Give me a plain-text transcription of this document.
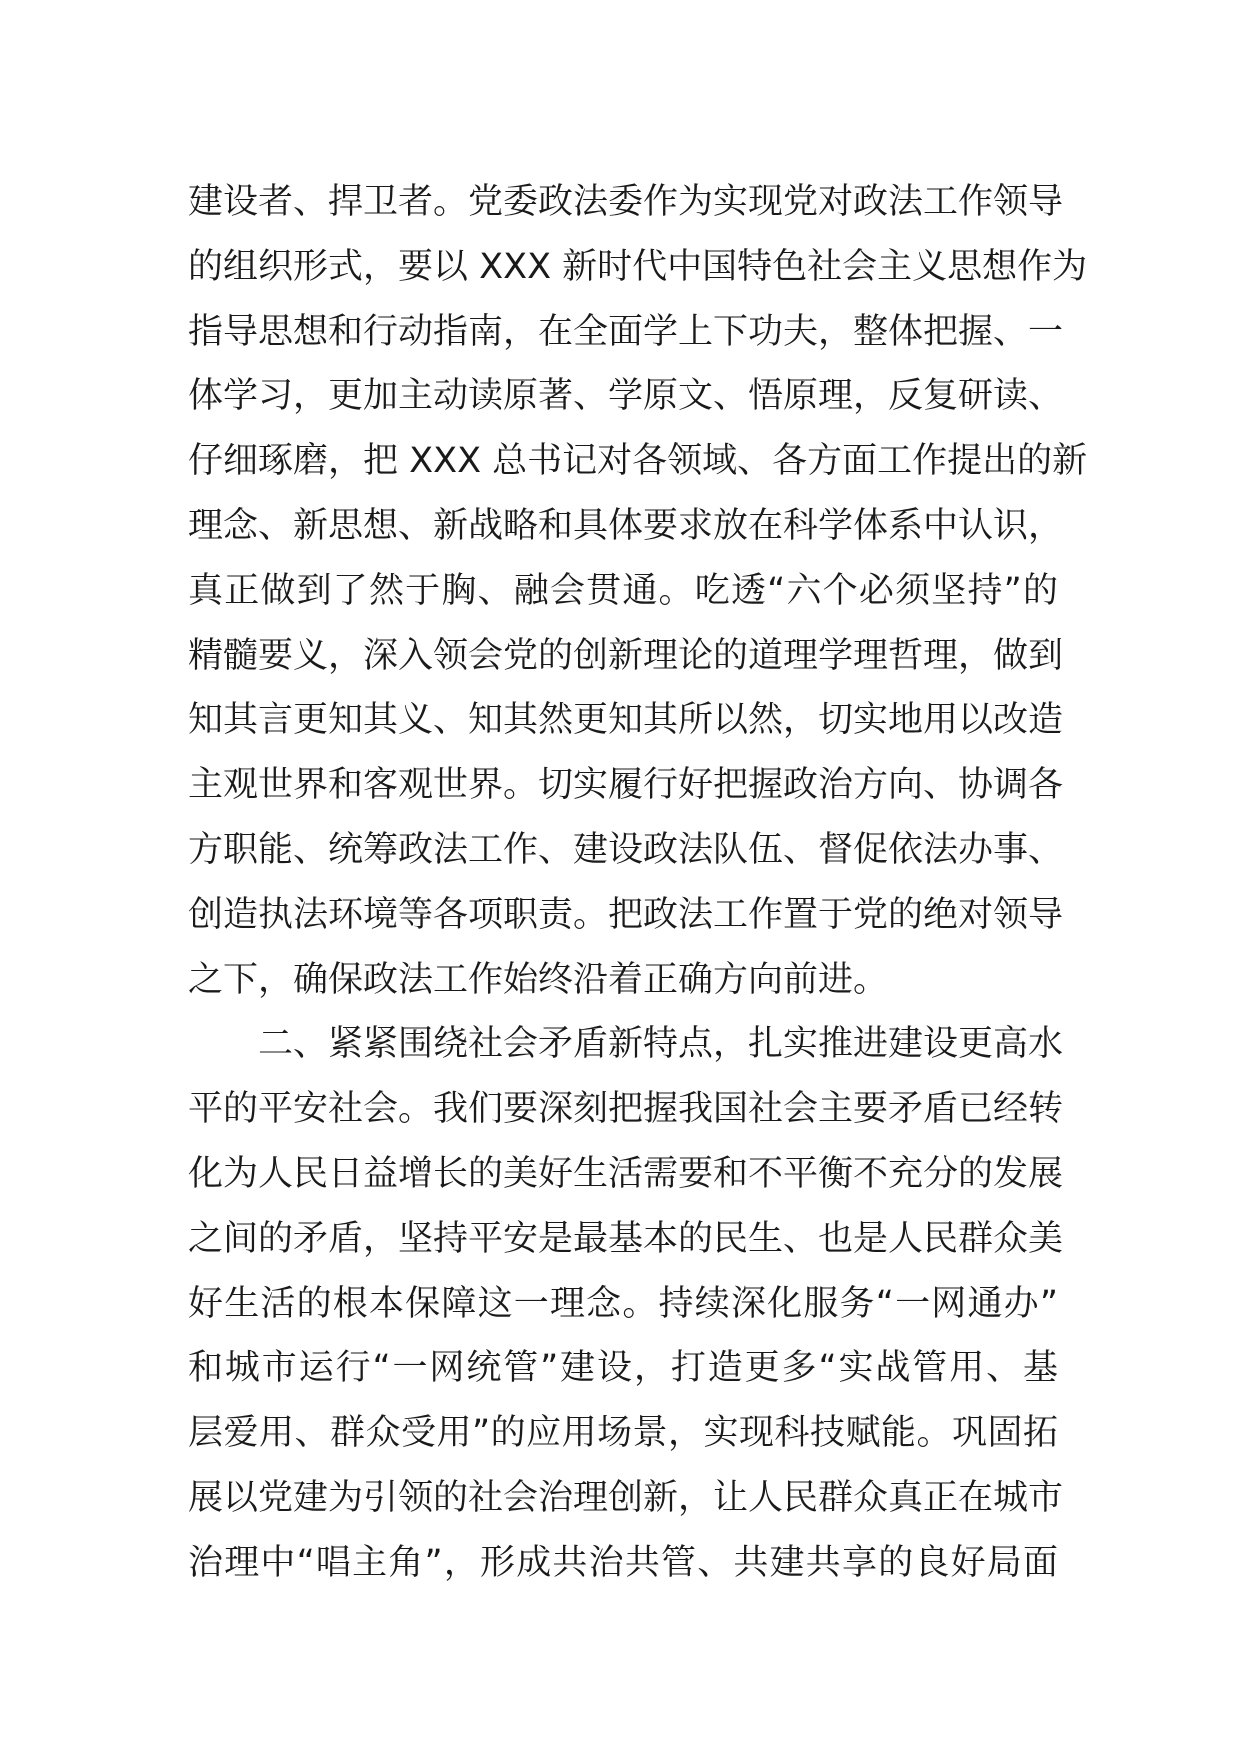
建设者、捍卫者。党委政法委作为实现党对政法工作领导
的组织形式，要以 XXX 新时代中国特色社会主义思想作为
指导思想和行动指南，在全面学上下功夫，整体把握、一
体学习，更加主动读原著、学原文、悟原理，反复研读、
仔细琢磨，把 XXX 总书记对各领域、各方面工作提出的新
理念、新思想、新战略和具体要求放在科学体系中认识，
真正做到了然于胸、融会贯通。吃透“六个必须坚持”的
精髓要义，深入领会党的创新理论的道理学理哲理，做到
知其言更知其义、知其然更知其所以然，切实地用以改造
主观世界和客观世界。切实履行好把握政治方向、协调各
方职能、统筹政法工作、建设政法队伍、督促依法办事、
创造执法环境等各项职责。把政法工作置于党的绝对领导
之下，确保政法工作始终沿着正确方向前进。
二、紧紧围绕社会矛盾新特点，扎实推进建设更高水
平的平安社会。我们要深刻把握我国社会主要矛盾已经转
化为人民日益增长的美好生活需要和不平衡不充分的发展
之间的矛盾，坚持平安是最基本的民生、也是人民群众美
好生活的根本保障这一理念。持续深化服务“一网通办”
和城市运行“一网统管”建设，打造更多“实战管用、基
层爱用、群众受用”的应用场景，实现科技赋能。巩固拓
展以党建为引领的社会治理创新，让人民群众真正在城市
治理中“唱主角”，形成共治共管、共建共享的良好局面
